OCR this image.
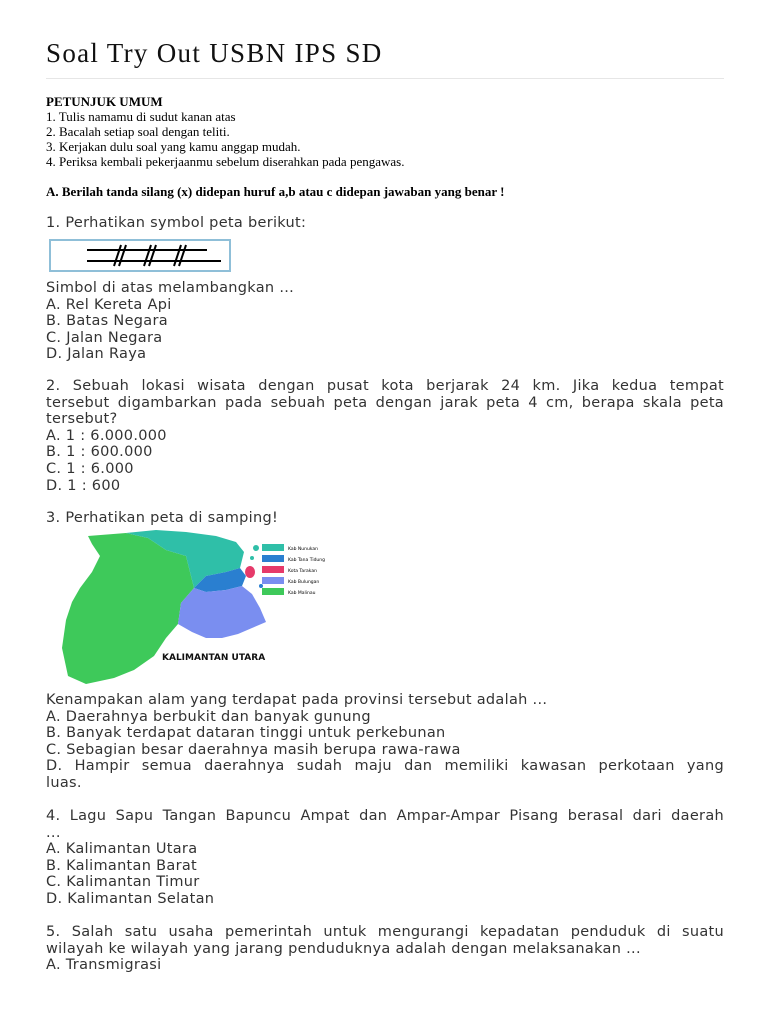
Soal Try Out USBN IPS SD
PETUNJUK UMUM
1. Tulis namamu di sudut kanan atas
2. Bacalah setiap soal dengan teliti.
3. Kerjakan dulu soal yang kamu anggap mudah.
4. Periksa kembali pekerjaanmu sebelum diserahkan pada pengawas.
A. Berilah tanda silang (x) didepan huruf a,b atau c didepan jawaban yang benar !
1. Perhatikan symbol peta berikut:
Simbol di atas melambangkan ...
A. Rel Kereta Api
B. Batas Negara
C. Jalan Negara
D. Jalan Raya
2. Sebuah lokasi wisata dengan pusat kota berjarak 24 km. Jika kedua tempat
tersebut digambarkan pada sebuah peta dengan jarak peta 4 cm, berapa skala peta
tersebut?
A. 1 : 6.000.000
B. 1 : 600.000
C. 1 : 6.000
D. 1 : 600
3. Perhatikan peta di samping!
Kab Nunukan
Kab Tana Tidung
Kota Tarakan
Kab Bulungan
Kab Malinau
KALIMANTAN UTARA
Kenampakan alam yang terdapat pada provinsi tersebut adalah ...
A. Daerahnya berbukit dan banyak gunung
B. Banyak terdapat dataran tinggi untuk perkebunan
C. Sebagian besar daerahnya masih berupa rawa-rawa
D. Hampir semua daerahnya sudah maju dan memiliki kawasan perkotaan yang
luas.
4. Lagu Sapu Tangan Bapuncu Ampat dan Ampar-Ampar Pisang berasal dari daerah
...
A. Kalimantan Utara
B. Kalimantan Barat
C. Kalimantan Timur
D. Kalimantan Selatan
5. Salah satu usaha pemerintah untuk mengurangi kepadatan penduduk di suatu
wilayah ke wilayah yang jarang penduduknya adalah dengan melaksanakan ...
A. Transmigrasi
